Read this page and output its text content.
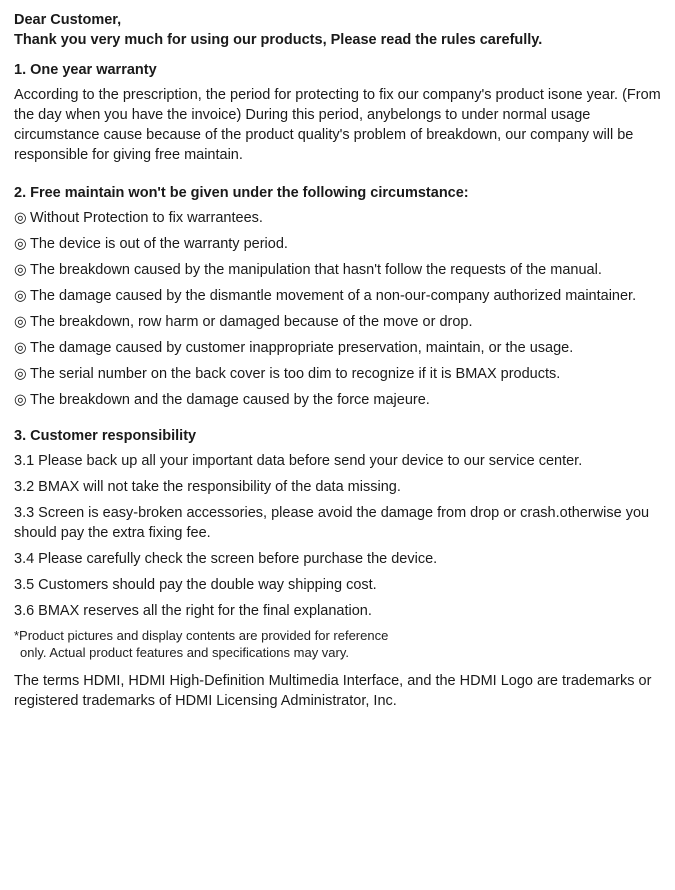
Dear Customer,

Thank you very much for using our products, Please read the rules carefully.

1. One year warranty

According to the prescription, the period for protecting to fix our company's product isone year. (From the day when you have the invoice) During this period, anybelongs to under normal usage circumstance cause because of the product quality's problem of breakdown, our company will be responsible for giving free maintain.

2. Free maintain won't be given under the following circumstance:

◎ Without Protection to fix warrantees.
◎ The device is out of the warranty period.
◎ The breakdown caused by the manipulation that hasn't follow the requests of the manual.
◎ The damage caused by the dismantle movement of a non-our-company authorized maintainer.
◎ The breakdown, row harm or damaged because of the move or drop.
◎ The damage caused by customer inappropriate preservation, maintain, or the usage.
◎ The serial number on the back cover is too dim to recognize if it is BMAX products.
◎ The breakdown and the damage caused by the force majeure.

3. Customer responsibility

3.1 Please back up all your important data before send your device to our service center.
3.2 BMAX will not take the responsibility of the data missing.
3.3 Screen is easy-broken accessories, please avoid the damage from drop or crash.otherwise you should pay the extra fixing fee.
3.4 Please carefully check the screen before purchase the device.
3.5 Customers should pay the double way shipping cost.
3.6 BMAX reserves all the right for the final explanation.

*Product pictures and display contents are provided for reference
only. Actual product features and specifications may vary.

The terms HDMI, HDMI High-Definition Multimedia Interface, and the HDMI Logo are trademarks or registered trademarks of HDMI Licensing Administrator, Inc.
